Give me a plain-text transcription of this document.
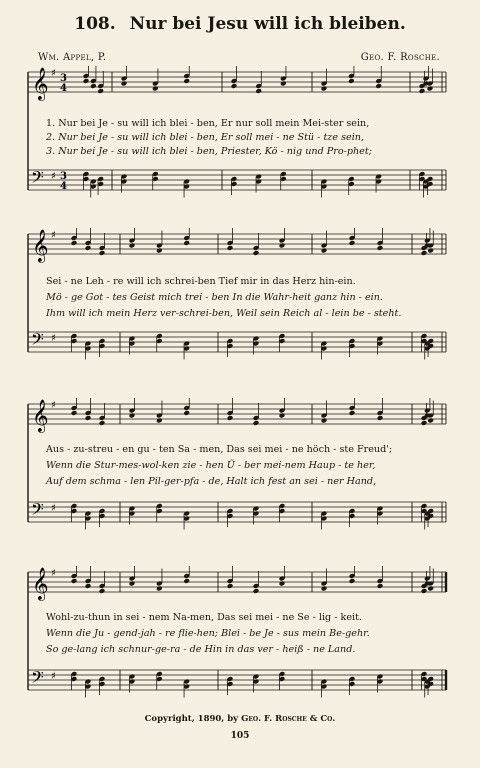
108. Nur bei Jesu will ich bleiben.
Wm. Appel, P.	Geo. F. Rosche.
𝄞
𝄢
♯
♯
3
4
3
4
1. Nur bei Je - su will ich blei - ben, Er nur soll mein Mei-ster sein,
2. Nur bei Je - su will ich blei - ben, Er soll mei - ne Stü - tze sein,
3. Nur bei Je - su will ich blei - ben, Priester, Kö - nig und Pro-phet;
𝄞
𝄢
♯
♯
Sei - ne Leh - re will ich schrei-ben Tief mir in das Herz hin-ein.
Mö - ge Got - tes Geist mich trei - ben In die Wahr-heit ganz hin - ein.
Ihm will ich mein Herz ver-schrei-ben, Weil sein Reich al - lein be - steht.
𝄞
𝄢
♯
♯
Aus - zu-streu - en gu - ten Sa - men, Das sei mei - ne höch - ste Freud';
Wenn die Stur-mes-wol-ken zie - hen Ü - ber mei-nem Haup - te her,
Auf dem schma - len Pil-ger-pfa - de, Halt ich fest an sei - ner Hand,
𝄞
𝄢
♯
♯
Wohl-zu-thun in sei - nem Na-men, Das sei mei - ne Se - lig - keit.
Wenn die Ju - gend-jah - re flie-hen; Blei - be Je - sus mein Be-gehr.
So ge-lang ich schnur-ge-ra - de Hin in das ver - heiß - ne Land.
Copyright, 1890, by Geo. F. Rosche & Co.
105
